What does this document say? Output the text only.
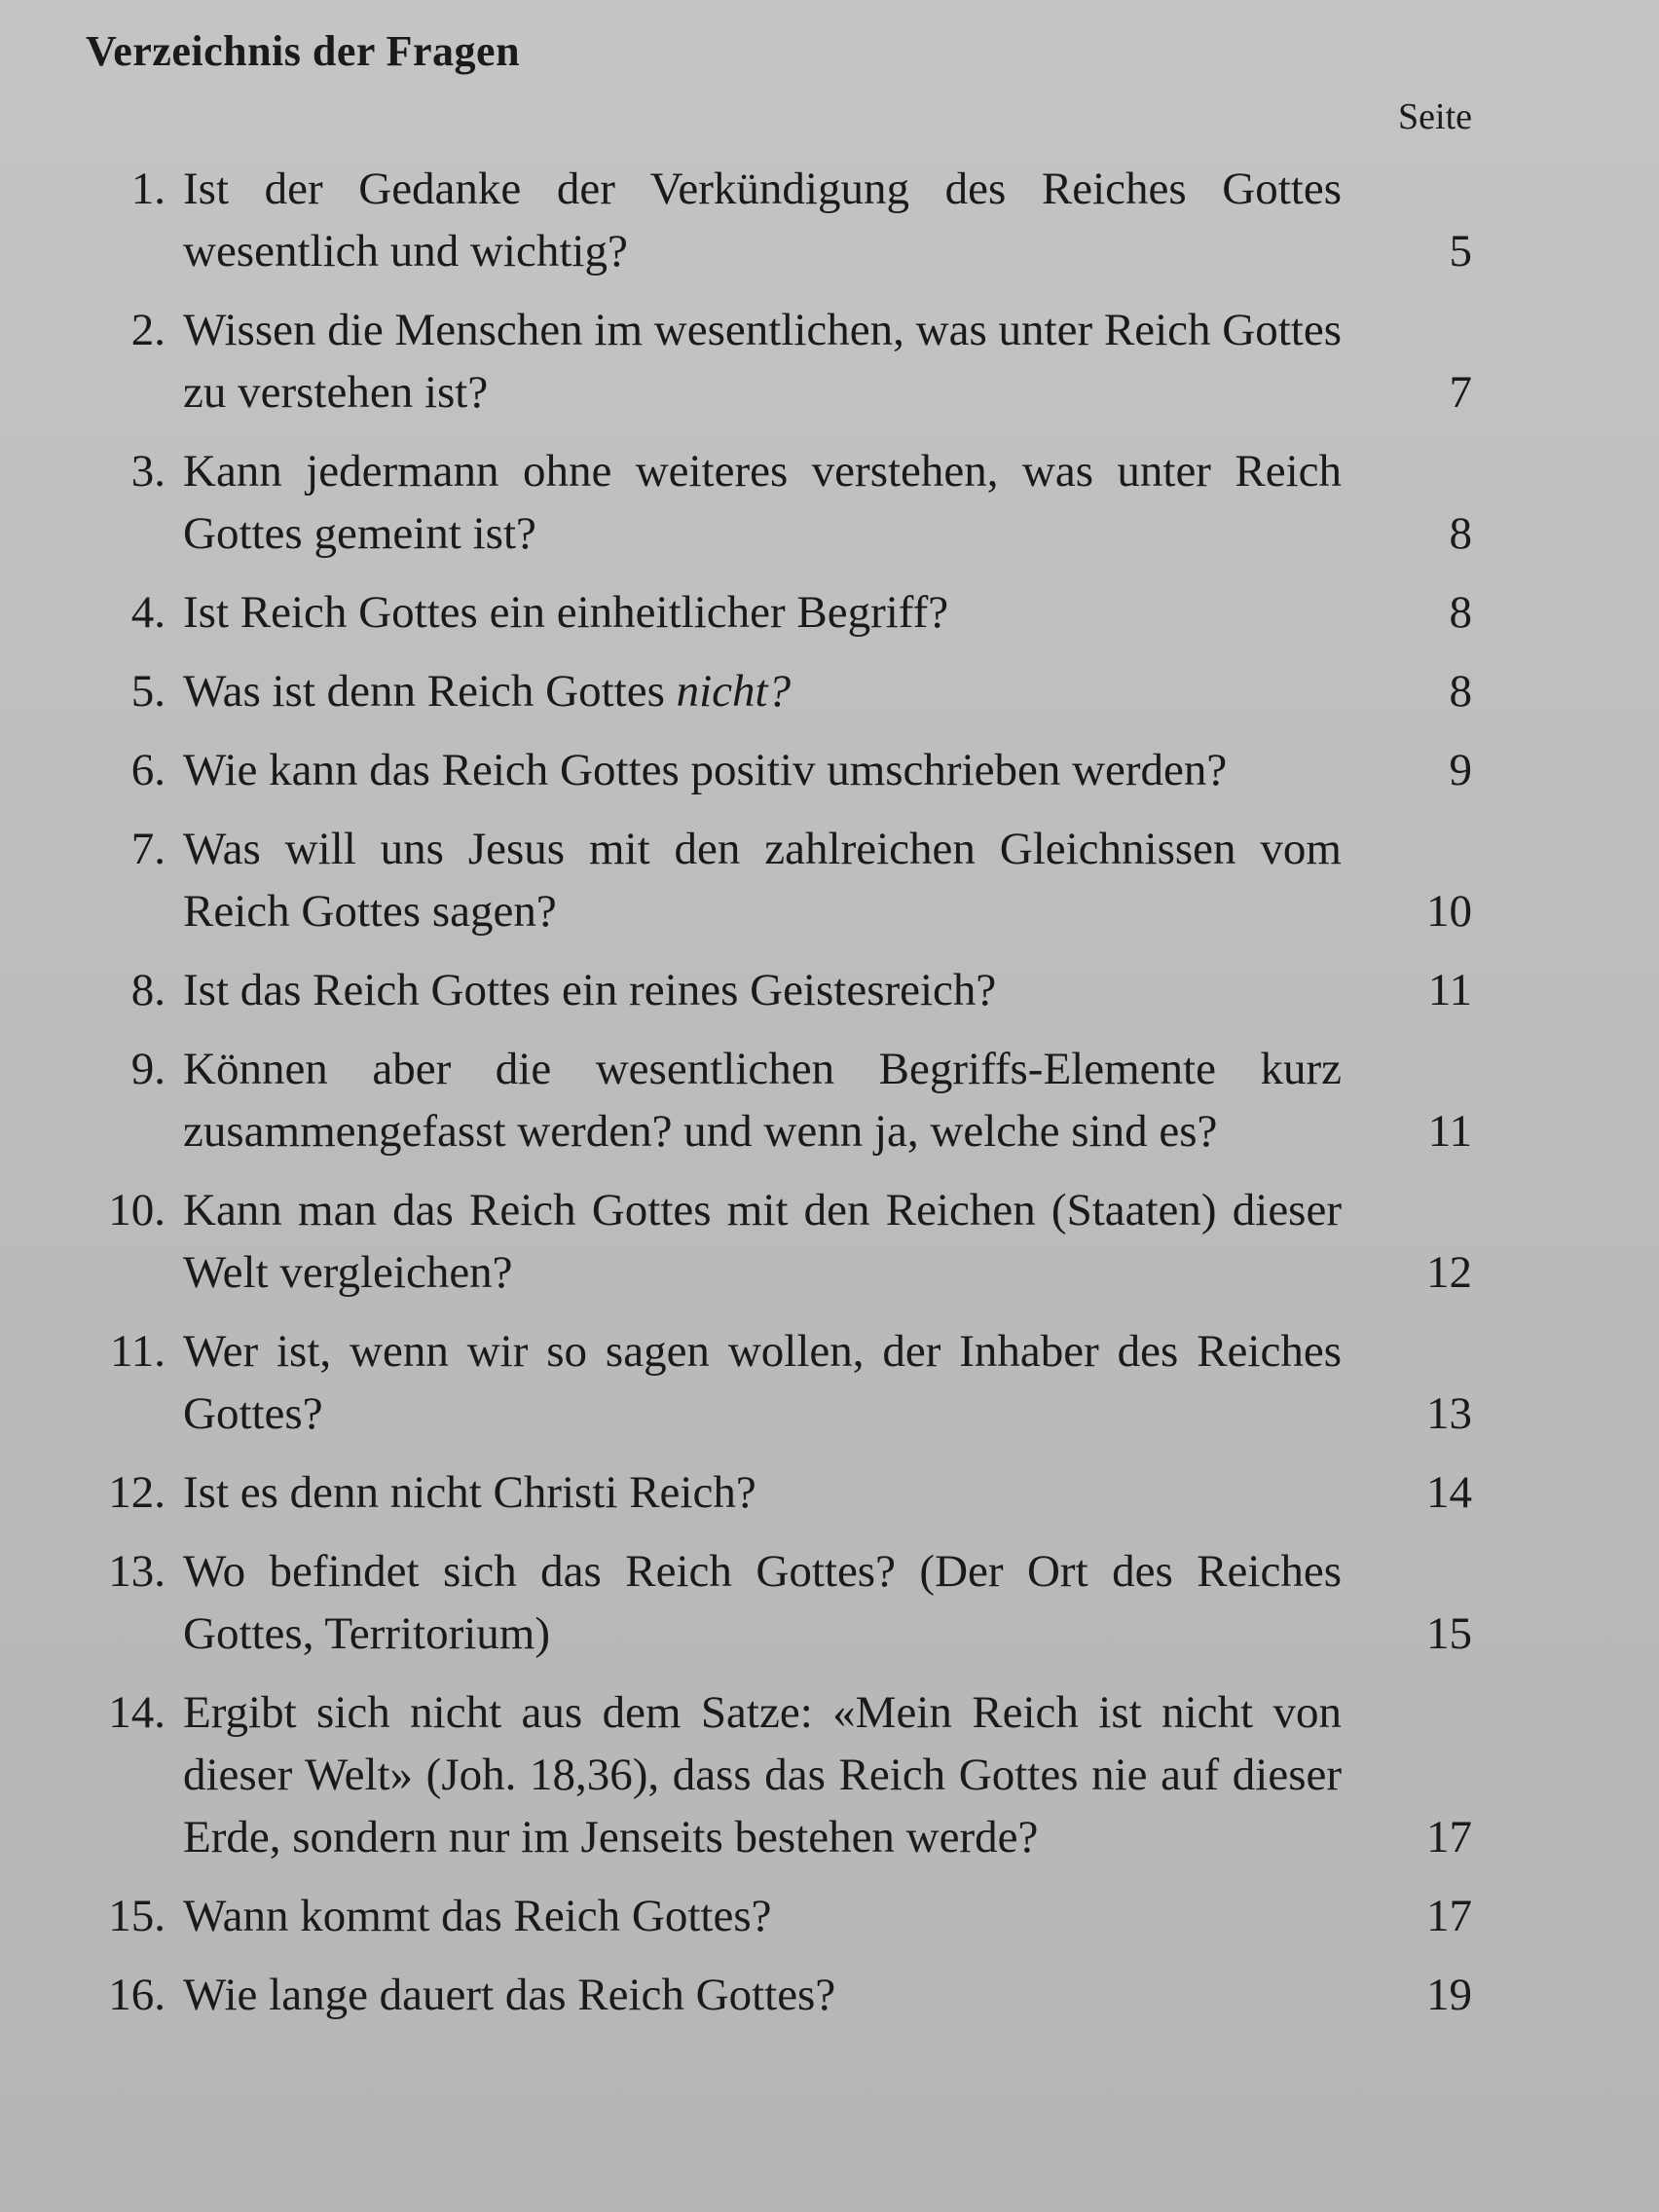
Verzeichnis der Fragen
Seite
1. Ist der Gedanke der Verkündigung des Reiches Gottes wesentlich und wichtig?	5
2. Wissen die Menschen im wesentlichen, was unter Reich Gottes zu verstehen ist?	7
3. Kann jedermann ohne weiteres verstehen, was unter Reich Gottes gemeint ist?	8
4. Ist Reich Gottes ein einheitlicher Begriff?	8
5. Was ist denn Reich Gottes nicht?	8
6. Wie kann das Reich Gottes positiv umschrieben werden?	9
7. Was will uns Jesus mit den zahlreichen Gleichnissen vom Reich Gottes sagen?	10
8. Ist das Reich Gottes ein reines Geistesreich?	11
9. Können aber die wesentlichen Begriffs-Elemente kurz zusammengefasst werden? und wenn ja, welche sind es?	11
10. Kann man das Reich Gottes mit den Reichen (Staaten) dieser Welt vergleichen?	12
11. Wer ist, wenn wir so sagen wollen, der Inhaber des Reiches Gottes?	13
12. Ist es denn nicht Christi Reich?	14
13. Wo befindet sich das Reich Gottes? (Der Ort des Reiches Gottes, Territorium)	15
14. Ergibt sich nicht aus dem Satze: «Mein Reich ist nicht von dieser Welt» (Joh. 18,36), dass das Reich Gottes nie auf dieser Erde, sondern nur im Jenseits bestehen werde?	17
15. Wann kommt das Reich Gottes?	17
16. Wie lange dauert das Reich Gottes?	19
